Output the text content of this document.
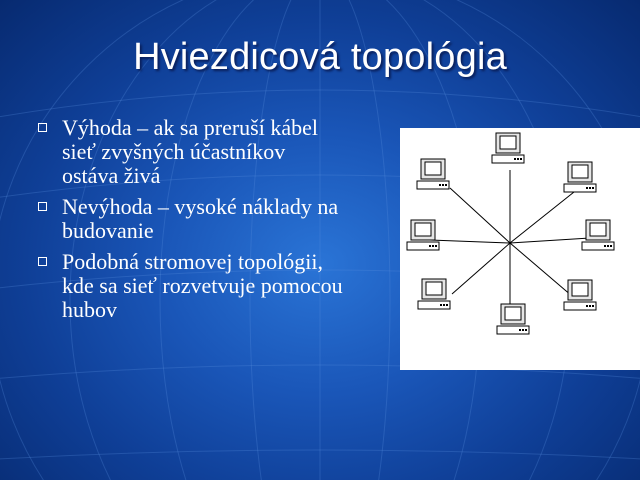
Hviezdicová topológia
Výhoda – ak sa preruší kábel
sieť zvyšných účastníkov
ostáva živá
Nevýhoda – vysoké náklady na
budovanie
Podobná stromovej topológii,
kde sa sieť rozvetvuje pomocou
hubov
